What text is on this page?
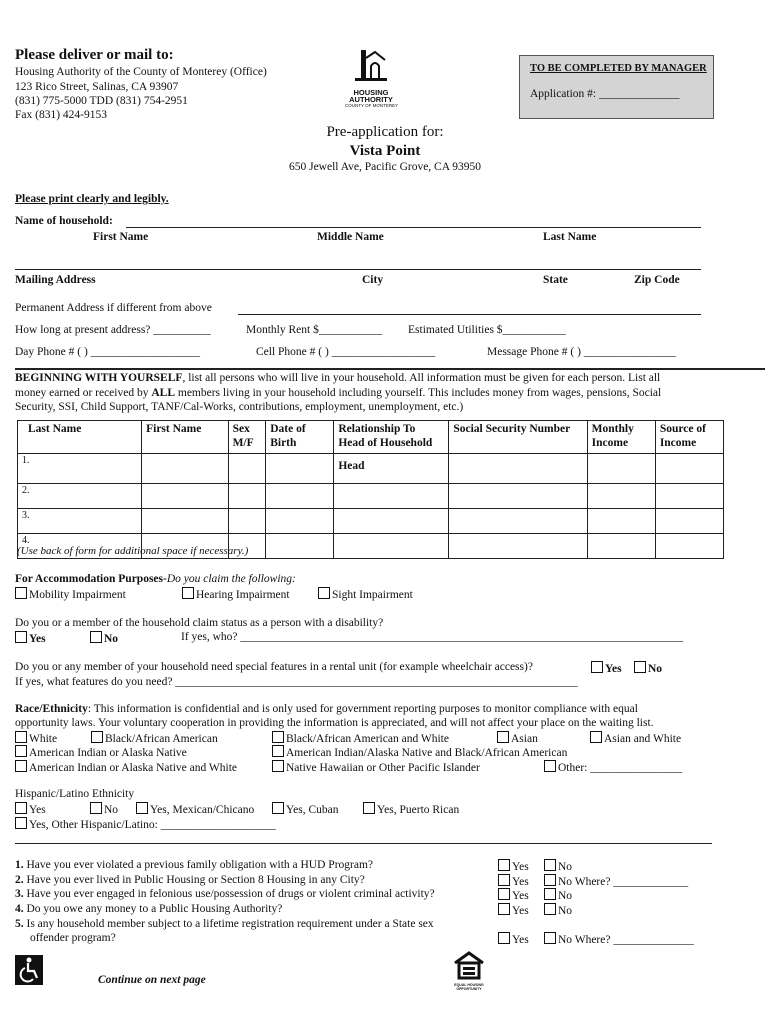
Please deliver or mail to:
Housing Authority of the County of Monterey (Office)
123 Rico Street, Salinas, CA 93907
(831) 775-5000 TDD (831) 754-2951
Fax (831) 424-9153
HOUSING AUTHORITY
COUNTY OF MONTEREY
TO BE COMPLETED BY MANAGER
Application #: ______________
Pre-application for:
Vista Point
650 Jewell Ave, Pacific Grove, CA 93950
Please print clearly and legibly.
Name of household:
First Name	Middle Name	Last Name
Mailing Address	City	State	Zip Code
Permanent Address if different from above
How long at present address? __________	Monthly Rent $___________ Estimated Utilities $___________
Day Phone # ( ) ___________________	Cell Phone # ( ) __________________	Message Phone # ( ) ________________
BEGINNING WITH YOURSELF, list all persons who will live in your household. All information must be given for each person. List all
money earned or received by ALL members living in your household including yourself. This includes money from wages, pensions, Social
Security, SSI, Child Support, TANF/Cal-Works, contributions, employment, unemployment, etc.)
Last Name	First Name	Sex M/F	Date of Birth	Relationship To Head of Household	Social Security Number	Monthly Income	Source of Income
1.				Head			
2.							
3.							
4.							
(Use back of form for additional space if necessary.)
For Accommodation Purposes-Do you claim the following:
Mobility Impairment	Hearing Impairment	Sight Impairment
Do you or a member of the household claim status as a person with a disability?
Yes	No	If yes, who? _____________________________________________________________________________
Do you or any member of your household need special features in a rental unit (for example wheelchair access)?	Yes	No
If yes, what features do you need? ______________________________________________________________________
Race/Ethnicity: This information is confidential and is only used for government reporting purposes to monitor compliance with equal
opportunity laws. Your voluntary cooperation in providing the information is appreciated, and will not affect your place on the waiting list.
White	Black/African American	Black/African American and White	Asian	Asian and White
American Indian or Alaska Native	American Indian/Alaska Native and Black/African American
American Indian or Alaska Native and White	Native Hawaiian or Other Pacific Islander	Other: ________________
Hispanic/Latino Ethnicity
Yes	No	Yes, Mexican/Chicano	Yes, Cuban	Yes, Puerto Rican
Yes, Other Hispanic/Latino: ____________________
1. Have you ever violated a previous family obligation with a HUD Program?	Yes	No
2. Have you ever lived in Public Housing or Section 8 Housing in any City?	Yes	No Where? _____________
3. Have you ever engaged in felonious use/possession of drugs or violent criminal activity?	Yes	No
4. Do you owe any money to a Public Housing Authority?	Yes	No
5. Is any household member subject to a lifetime registration requirement under a State sex
offender program?	Yes	No Where? ______________
Continue on next page	EQUAL HOUSING OPPORTUNITY
